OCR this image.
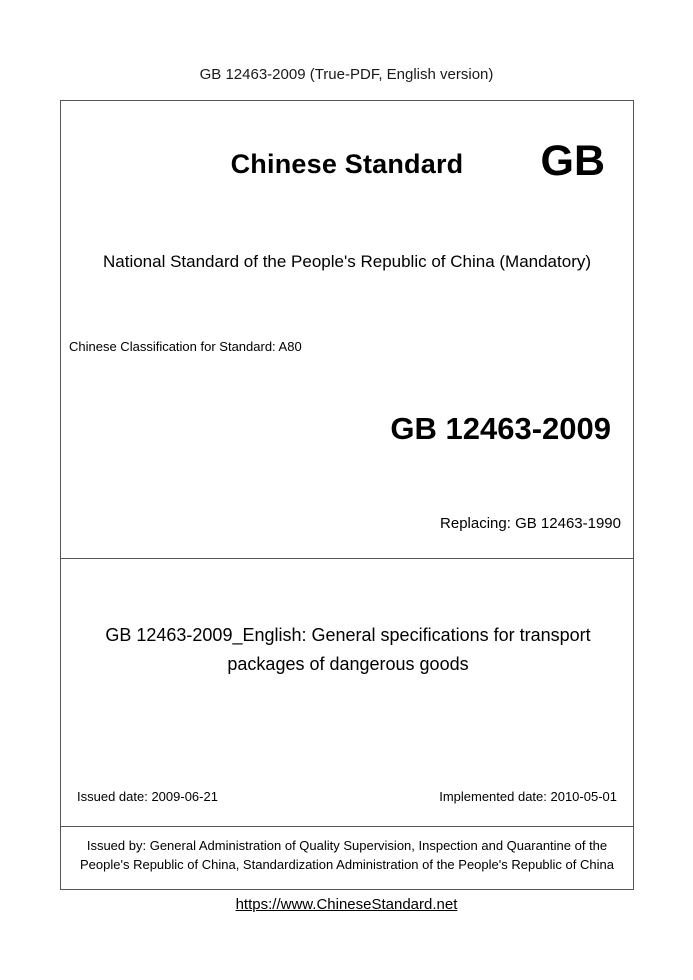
GB 12463-2009 (True-PDF, English version)
Chinese Standard	GB
National Standard of the People's Republic of China (Mandatory)
Chinese Classification for Standard: A80
GB 12463-2009
Replacing: GB 12463-1990
GB 12463-2009_English: General specifications for transport packages of dangerous goods
Issued date: 2009-06-21	Implemented date: 2010-05-01
Issued by: General Administration of Quality Supervision, Inspection and Quarantine of the People's Republic of China, Standardization Administration of the People's Republic of China
https://www.ChineseStandard.net
